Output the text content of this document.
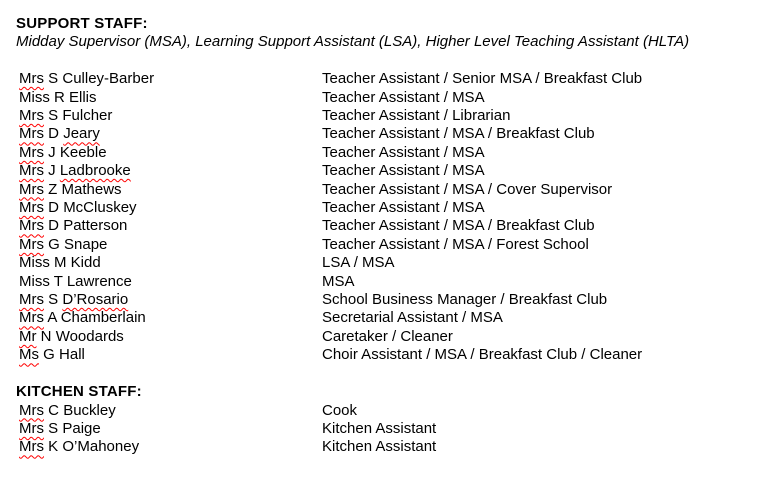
SUPPORT STAFF:
Midday Supervisor (MSA), Learning Support Assistant (LSA), Higher Level Teaching Assistant (HLTA)
Mrs S Culley-Barber	Teacher Assistant / Senior MSA / Breakfast Club
Miss R Ellis	Teacher Assistant / MSA
Mrs S Fulcher	Teacher Assistant / Librarian
Mrs D Jeary	Teacher Assistant / MSA / Breakfast Club
Mrs J Keeble	Teacher Assistant / MSA
Mrs J Ladbrooke	Teacher Assistant / MSA
Mrs Z Mathews	Teacher Assistant / MSA / Cover Supervisor
Mrs D McCluskey	Teacher Assistant / MSA
Mrs D Patterson	Teacher Assistant / MSA / Breakfast Club
Mrs G Snape	Teacher Assistant / MSA / Forest School
Miss M Kidd	LSA / MSA
Miss T Lawrence	MSA
Mrs S D’Rosario	School Business Manager / Breakfast Club
Mrs A Chamberlain	Secretarial Assistant / MSA
Mr N Woodards	Caretaker / Cleaner
Ms G Hall	Choir Assistant / MSA / Breakfast Club / Cleaner
KITCHEN STAFF:
Mrs C Buckley	Cook
Mrs S Paige	Kitchen Assistant
Mrs K O’Mahoney	Kitchen Assistant
